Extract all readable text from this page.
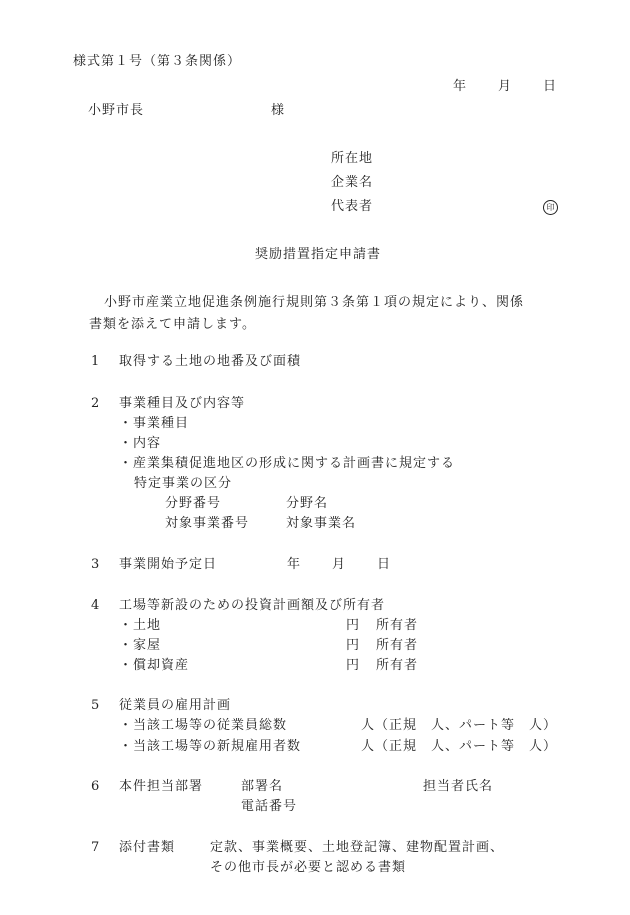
様式第１号（第３条関係）
年 月 日
小野市長	様
所在地
企業名
代表者	印
奨励措置指定申請書
小野市産業立地促進条例施行規則第３条第１項の規定により、関係
書類を添えて申請します。
1 取得する土地の地番及び面積
2 事業種目及び内容等
・事業種目
・内容
・産業集積促進地区の形成に関する計画書に規定する
特定事業の区分
分野番号	分野名
対象事業番号	対象事業名
3 事業開始予定日	年 月 日
4 工場等新設のための投資計画額及び所有者
・土地	円 所有者
・家屋	円 所有者
・償却資産	円 所有者
5 従業員の雇用計画
・当該工場等の従業員総数	人（正規　人、パート等　人）
・当該工場等の新規雇用者数	人（正規　人、パート等　人）
6 本件担当部署	部署名	担当者氏名
電話番号
7 添付書類	定款、事業概要、土地登記簿、建物配置計画、
その他市長が必要と認める書類
